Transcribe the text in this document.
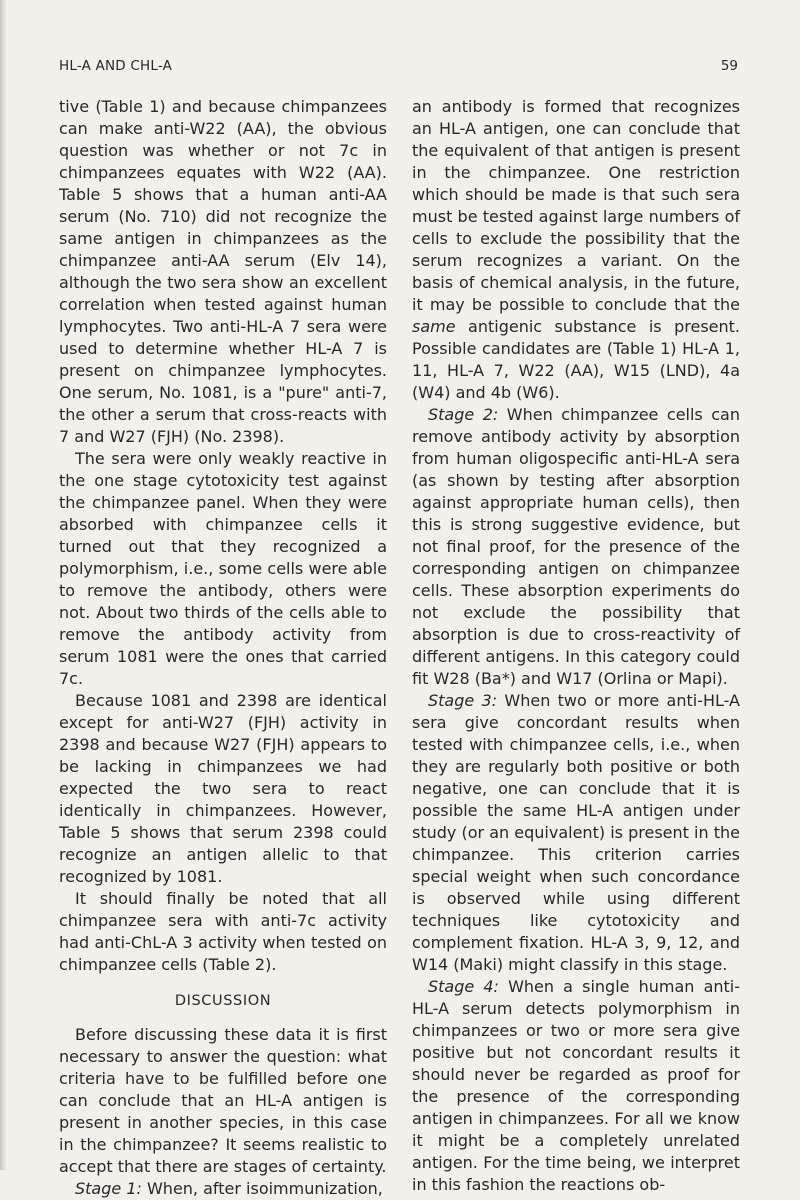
HL-A AND CHL-A	59

tive (Table 1) and because chimpanzees can make anti-W22 (AA), the obvious question was whether or not 7c in chimpanzees equates with W22 (AA). Table 5 shows that a human anti-AA serum (No. 710) did not recognize the same antigen in chimpanzees as the chimpanzee anti-AA serum (Elv 14), although the two sera show an excellent correlation when tested against human lymphocytes. Two anti-HL-A 7 sera were used to determine whether HL-A 7 is present on chimpanzee lymphocytes. One serum, No. 1081, is a "pure" anti-7, the other a serum that cross-reacts with 7 and W27 (FJH) (No. 2398).

The sera were only weakly reactive in the one stage cytotoxicity test against the chimpanzee panel. When they were absorbed with chimpanzee cells it turned out that they recognized a polymorphism, i.e., some cells were able to remove the antibody, others were not. About two thirds of the cells able to remove the antibody activity from serum 1081 were the ones that carried 7c.

Because 1081 and 2398 are identical except for anti-W27 (FJH) activity in 2398 and because W27 (FJH) appears to be lacking in chimpanzees we had expected the two sera to react identically in chimpanzees. However, Table 5 shows that serum 2398 could recognize an antigen allelic to that recognized by 1081.

It should finally be noted that all chimpanzee sera with anti-7c activity had anti-ChL-A 3 activity when tested on chimpanzee cells (Table 2).

DISCUSSION

Before discussing these data it is first necessary to answer the question: what criteria have to be fulfilled before one can conclude that an HL-A antigen is present in another species, in this case in the chimpanzee? It seems realistic to accept that there are stages of certainty.

Stage 1: When, after isoimmunization,

an antibody is formed that recognizes an HL-A antigen, one can conclude that the equivalent of that antigen is present in the chimpanzee. One restriction which should be made is that such sera must be tested against large numbers of cells to exclude the possibility that the serum recognizes a variant. On the basis of chemical analysis, in the future, it may be possible to conclude that the same antigenic substance is present. Possible candidates are (Table 1) HL-A 1, 11, HL-A 7, W22 (AA), W15 (LND), 4a (W4) and 4b (W6).

Stage 2: When chimpanzee cells can remove antibody activity by absorption from human oligospecific anti-HL-A sera (as shown by testing after absorption against appropriate human cells), then this is strong suggestive evidence, but not final proof, for the presence of the corresponding antigen on chimpanzee cells. These absorption experiments do not exclude the possibility that absorption is due to cross-reactivity of different antigens. In this category could fit W28 (Ba*) and W17 (Orlina or Mapi).

Stage 3: When two or more anti-HL-A sera give concordant results when tested with chimpanzee cells, i.e., when they are regularly both positive or both negative, one can conclude that it is possible the same HL-A antigen under study (or an equivalent) is present in the chimpanzee. This criterion carries special weight when such concordance is observed while using different techniques like cytotoxicity and complement fixation. HL-A 3, 9, 12, and W14 (Maki) might classify in this stage.

Stage 4: When a single human anti-HL-A serum detects polymorphism in chimpanzees or two or more sera give positive but not concordant results it should never be regarded as proof for the presence of the corresponding antigen in chimpanzees. For all we know it might be a completely unrelated antigen. For the time being, we interpret in this fashion the reactions ob-
